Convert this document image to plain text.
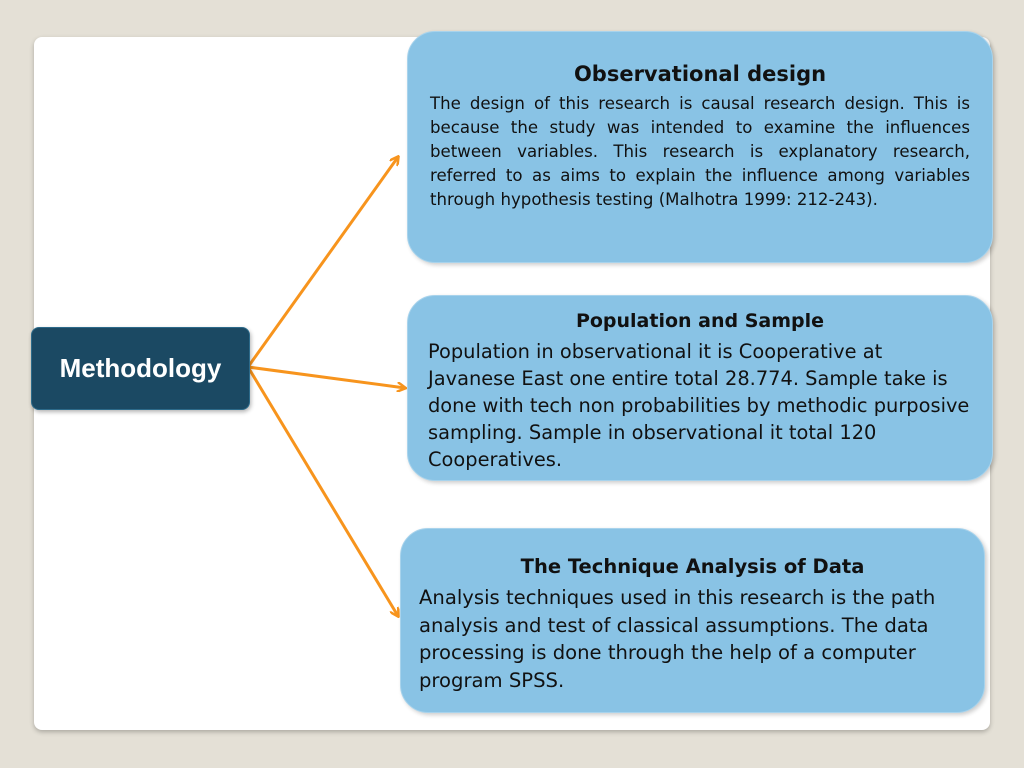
Methodology
Observational design

The design of this research is causal research design. This is because the study was intended to examine the influences between variables. This research is explanatory research, referred to as aims to explain the influence among variables through hypothesis testing (Malhotra 1999: 212-243).

Population and Sample

Population in observational it is Cooperative at Javanese East one entire total 28.774. Sample take is done with tech non probabilities by methodic purposive   sampling. Sample in observational it total 120 Cooperatives.

The Technique Analysis of Data

Analysis techniques used in this research is the path analysis and test of classical assumptions. The data processing is done through the help of a computer program SPSS.
